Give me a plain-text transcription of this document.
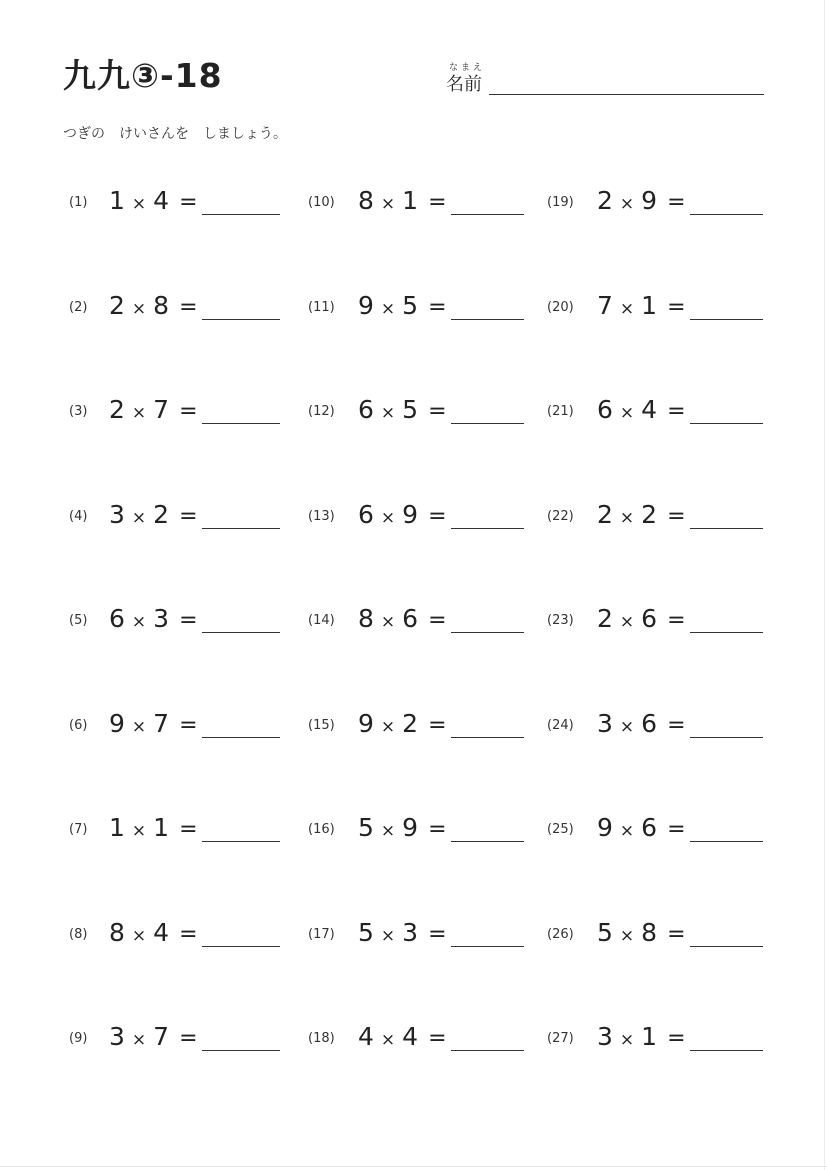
九九③-18	なまえ
名前
つぎの　けいさんを　しましょう。
(1) 1 × 4 =
(2) 2 × 8 =
(3) 2 × 7 =
(4) 3 × 2 =
(5) 6 × 3 =
(6) 9 × 7 =
(7) 1 × 1 =
(8) 8 × 4 =
(9) 3 × 7 =
(10) 8 × 1 =
(11) 9 × 5 =
(12) 6 × 5 =
(13) 6 × 9 =
(14) 8 × 6 =
(15) 9 × 2 =
(16) 5 × 9 =
(17) 5 × 3 =
(18) 4 × 4 =
(19) 2 × 9 =
(20) 7 × 1 =
(21) 6 × 4 =
(22) 2 × 2 =
(23) 2 × 6 =
(24) 3 × 6 =
(25) 9 × 6 =
(26) 5 × 8 =
(27) 3 × 1 =
